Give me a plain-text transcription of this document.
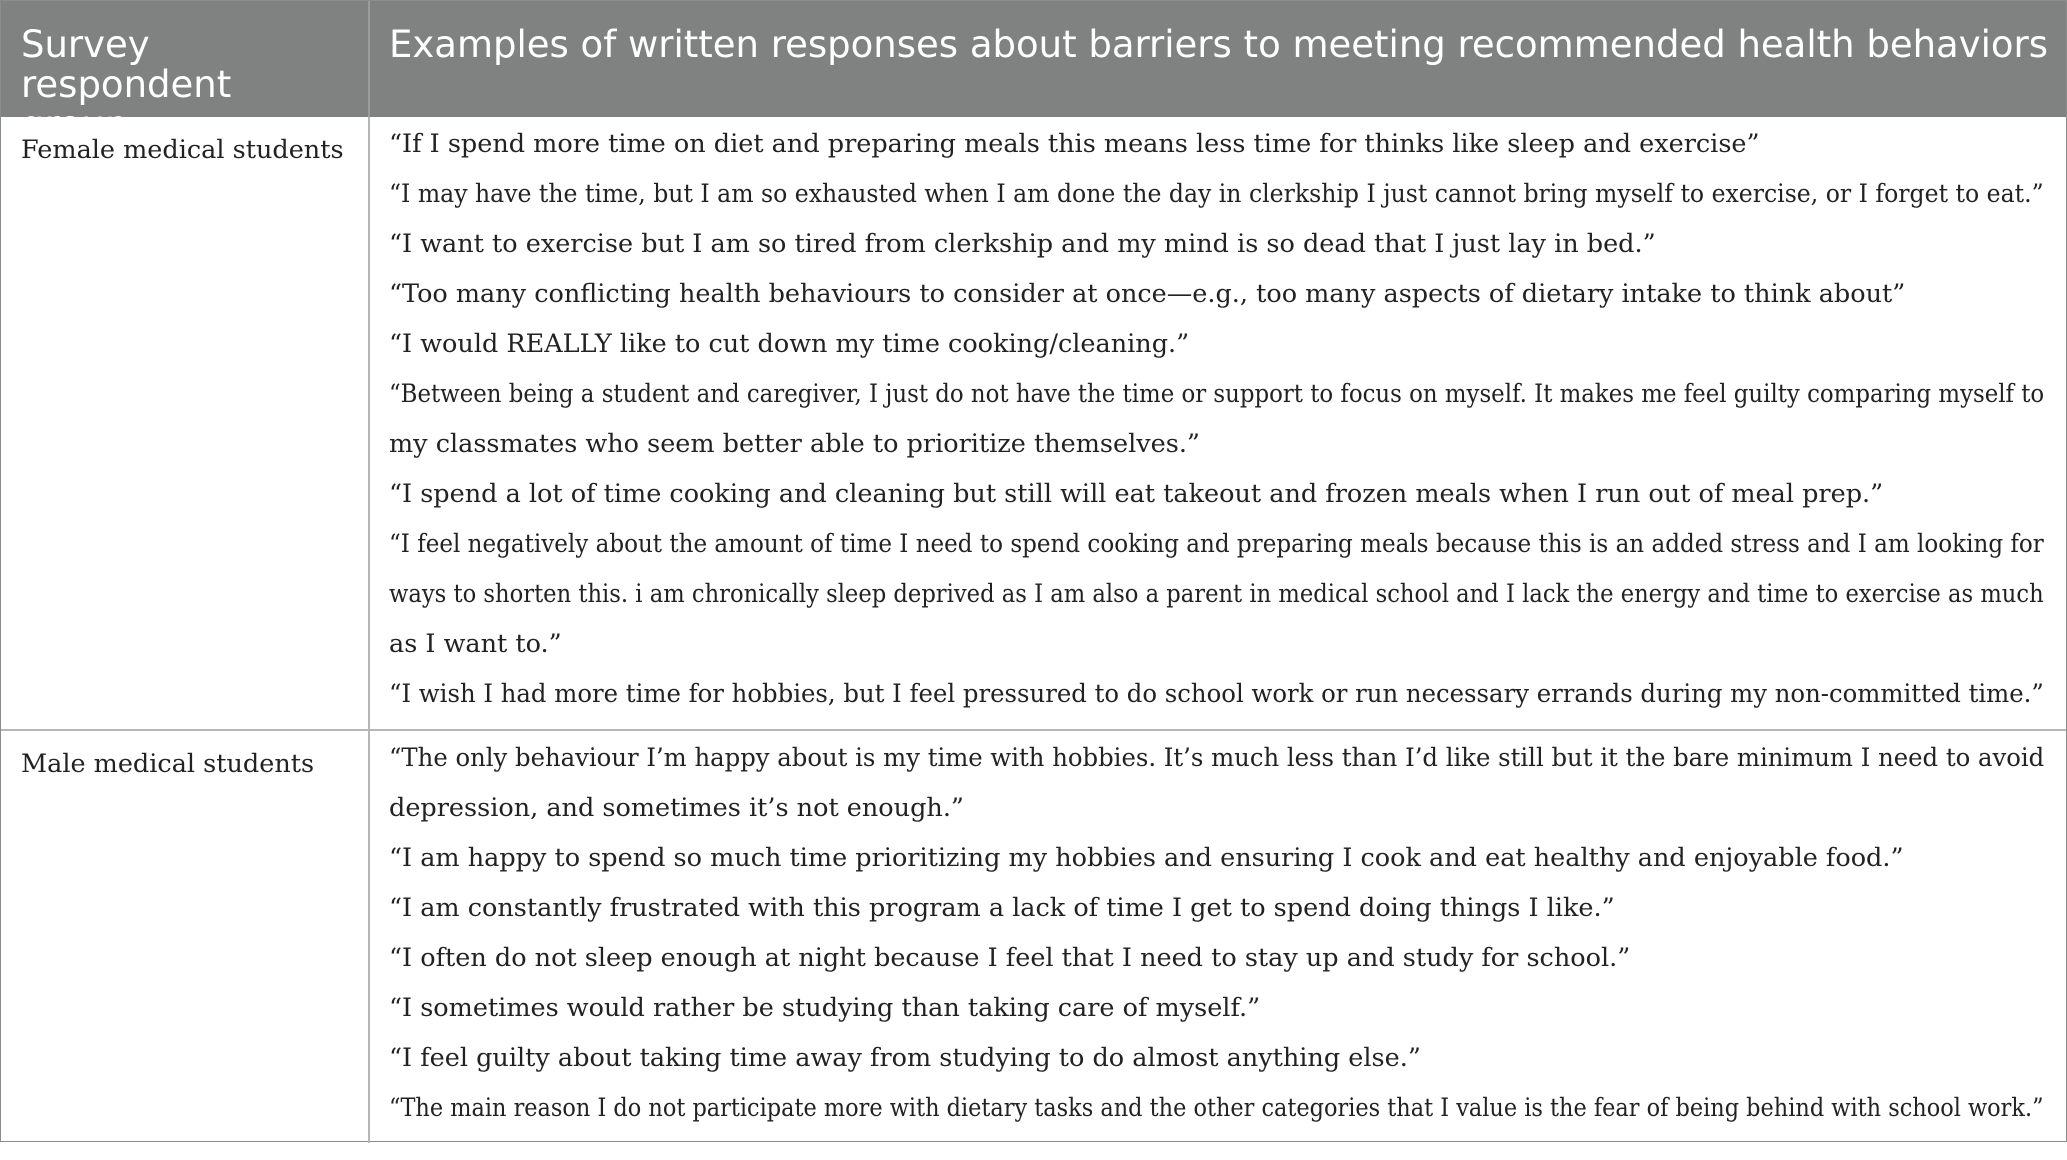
Survey respondent
group
Examples of written responses about barriers to meeting recommended health behaviors
Female medical students	“If I spend more time on diet and preparing meals this means less time for thinks like sleep and exercise”
“I may have the time, but I am so exhausted when I am done the day in clerkship I just cannot bring myself to exercise, or I forget to eat.”
“I want to exercise but I am so tired from clerkship and my mind is so dead that I just lay in bed.”
“Too many conflicting health behaviours to consider at once—e.g., too many aspects of dietary intake to think about”
“I would REALLY like to cut down my time cooking/cleaning.”
“Between being a student and caregiver, I just do not have the time or support to focus on myself. It makes me feel guilty comparing myself to
my classmates who seem better able to prioritize themselves.”
“I spend a lot of time cooking and cleaning but still will eat takeout and frozen meals when I run out of meal prep.”
“I feel negatively about the amount of time I need to spend cooking and preparing meals because this is an added stress and I am looking for
ways to shorten this. i am chronically sleep deprived as I am also a parent in medical school and I lack the energy and time to exercise as much
as I want to.”
“I wish I had more time for hobbies, but I feel pressured to do school work or run necessary errands during my non-committed time.”
Male medical students	“The only behaviour I’m happy about is my time with hobbies. It’s much less than I’d like still but it the bare minimum I need to avoid
depression, and sometimes it’s not enough.”
“I am happy to spend so much time prioritizing my hobbies and ensuring I cook and eat healthy and enjoyable food.”
“I am constantly frustrated with this program a lack of time I get to spend doing things I like.”
“I often do not sleep enough at night because I feel that I need to stay up and study for school.”
“I sometimes would rather be studying than taking care of myself.”
“I feel guilty about taking time away from studying to do almost anything else.”
“The main reason I do not participate more with dietary tasks and the other categories that I value is the fear of being behind with school work.”
